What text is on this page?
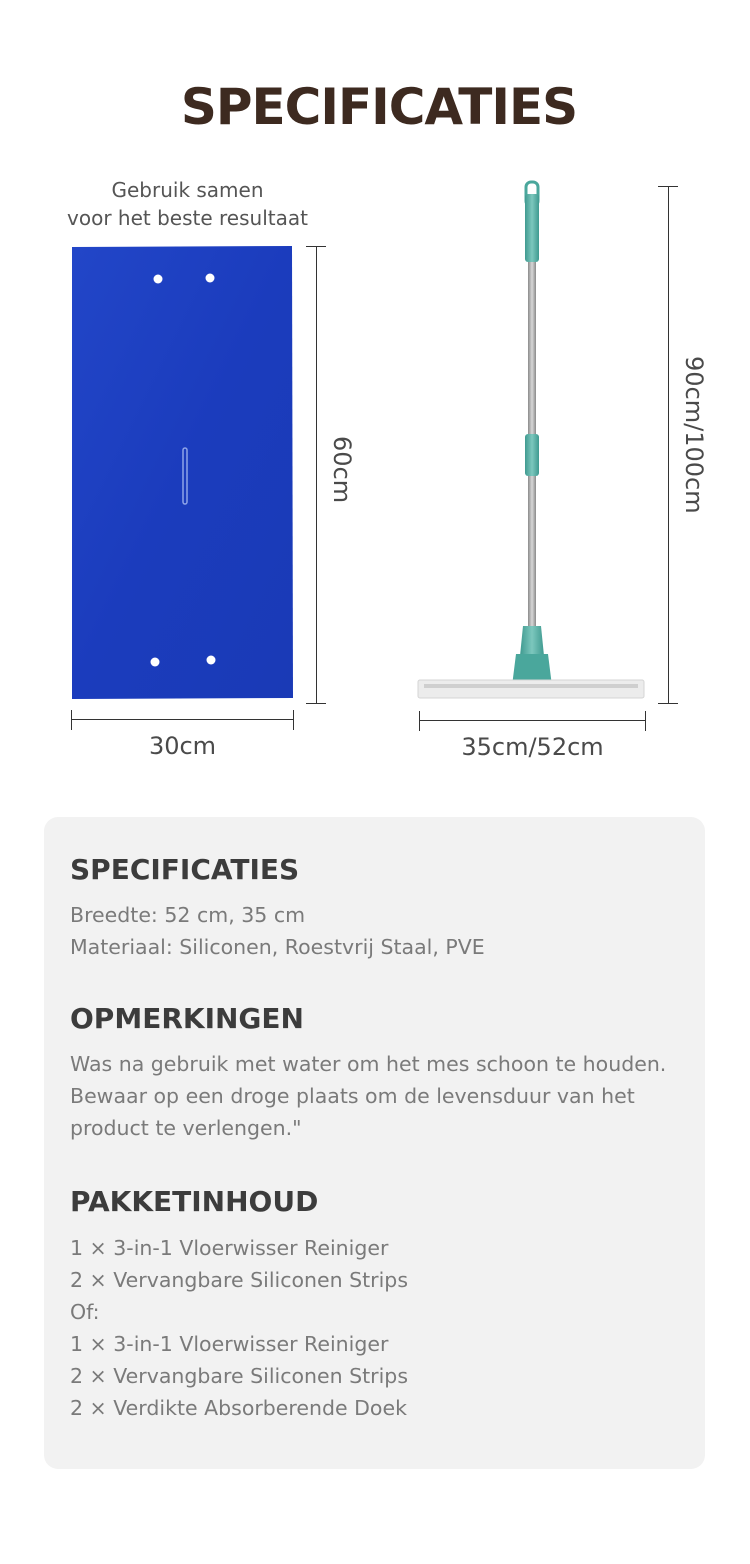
SPECIFICATIES
Gebruik samen
voor het beste resultaat
60cm
30cm
90cm/100cm
35cm/52cm
SPECIFICATIES
Breedte: 52 cm, 35 cm
Materiaal: Siliconen, Roestvrij Staal, PVE
OPMERKINGEN
Was na gebruik met water om het mes schoon te houden.
Bewaar op een droge plaats om de levensduur van het
product te verlengen."
PAKKETINHOUD
1 × 3-in-1 Vloerwisser Reiniger
2 × Vervangbare Siliconen Strips
Of:
1 × 3-in-1 Vloerwisser Reiniger
2 × Vervangbare Siliconen Strips
2 × Verdikte Absorberende Doek
